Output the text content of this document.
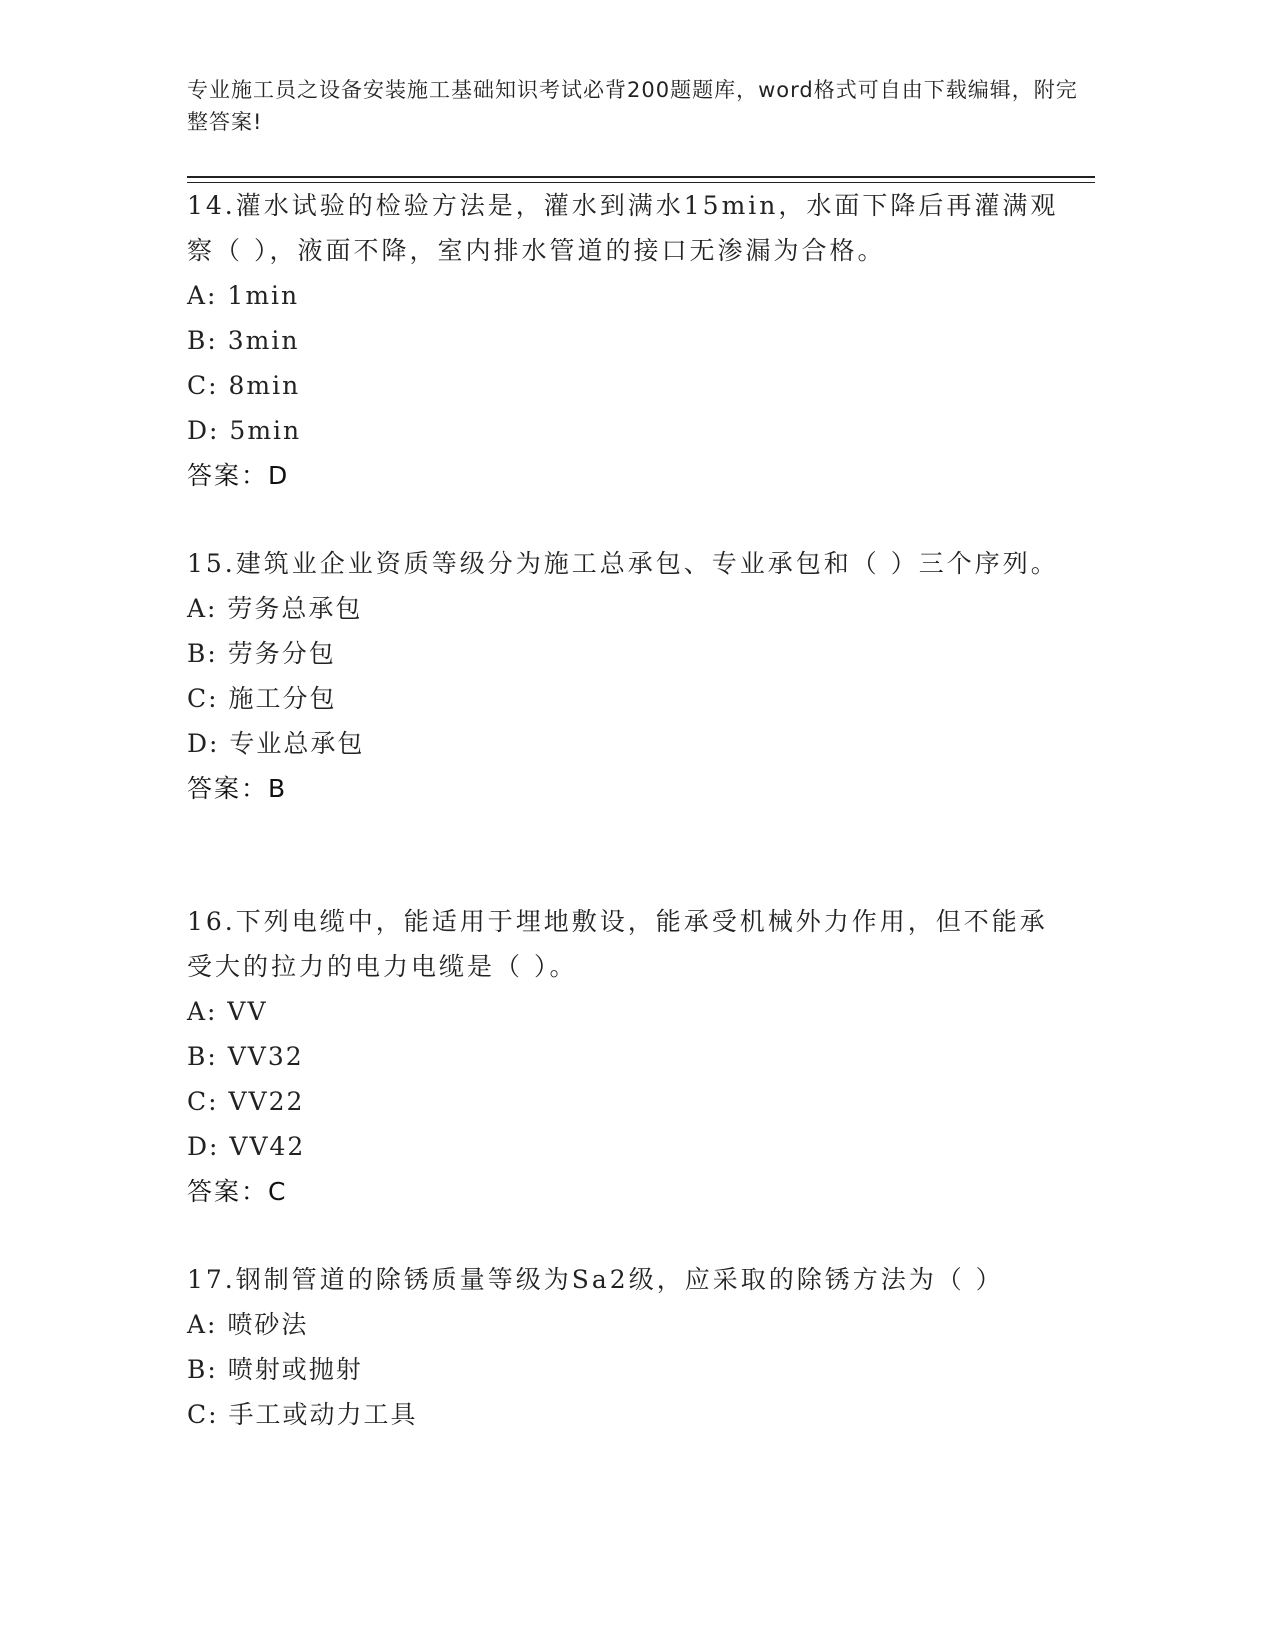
专业施工员之设备安装施工基础知识考试必背200题题库，word格式可自由下载编辑，附完整答案!

14.灌水试验的检验方法是，灌水到满水15min，水面下降后再灌满观察（ ），液面不降，室内排水管道的接口无渗漏为合格。

A: 1min

B: 3min

C: 8min

D: 5min

答案：D

15.建筑业企业资质等级分为施工总承包、专业承包和（ ）三个序列。

A: 劳务总承包

B: 劳务分包

C: 施工分包

D: 专业总承包

答案：B

16.下列电缆中，能适用于埋地敷设，能承受机械外力作用，但不能承受大的拉力的电力电缆是（ ）。

A: VV

B: VV32

C: VV22

D: VV42

答案：C

17.钢制管道的除锈质量等级为Sa2级，应采取的除锈方法为（ ）

A: 喷砂法

B: 喷射或抛射

C: 手工或动力工具
